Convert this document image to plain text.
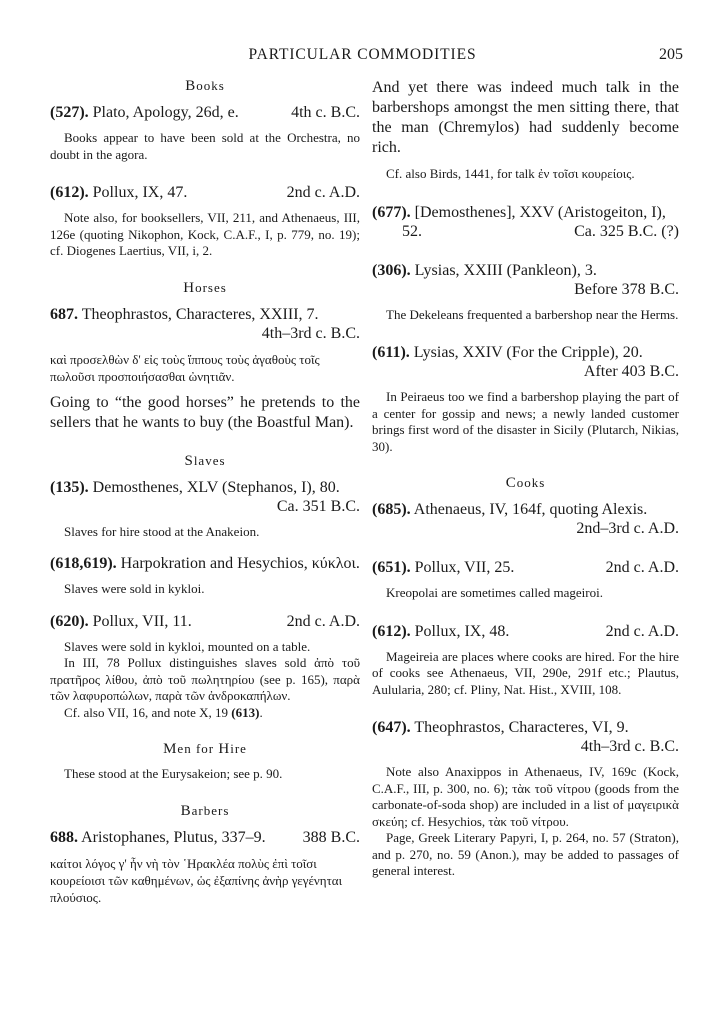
PARTICULAR COMMODITIES	205

Books

(527). Plato, Apology, 26d, e.	4th c. B.C.

Books appear to have been sold at the Orchestra, no doubt in the agora.

(612). Pollux, IX, 47.	2nd c. A.D.

Note also, for booksellers, VII, 211, and Athenaeus, III, 126e (quoting Nikophon, Kock, C.A.F., I, p. 779, no. 19); cf. Diogenes Laertius, VII, i, 2.

Horses

687. Theophrastos, Characteres, XXIII, 7.
4th–3rd c. B.C.

καὶ προσελθὼν δ' εἰς τοὺς ἵππους τοὺς ἀγαθοὺς τοῖς πωλοῦσι προσποιήσασθαι ὠνητιᾶν.

Going to “the good horses” he pretends to the sellers that he wants to buy (the Boastful Man).

Slaves

(135). Demosthenes, XLV (Stephanos, I), 80.
Ca. 351 B.C.

Slaves for hire stood at the Anakeion.

(618,619). Harpokration and Hesychios, κύκλοι.

Slaves were sold in kykloi.

(620). Pollux, VII, 11.	2nd c. A.D.

Slaves were sold in kykloi, mounted on a table.

In III, 78 Pollux distinguishes slaves sold ἀπὸ τοῦ πρατῆρος λίθου, ἀπὸ τοῦ πωλητηρίου (see p. 165), παρὰ τῶν λαφυροπώλων, παρὰ τῶν ἀνδροκαπήλων.

Cf. also VII, 16, and note X, 19 (613).

Men for Hire

These stood at the Eurysakeion; see p. 90.

Barbers

688. Aristophanes, Plutus, 337–9. 388 B.C.

καίτοι λόγος γ' ἦν νὴ τὸν ῾Ηρακλέα πολὺς ἐπὶ τοῖσι κουρείοισι τῶν καθημένων, ὡς ἐξαπίνης ἀνὴρ γεγένηται πλούσιος.

And yet there was indeed much talk in the barbershops amongst the men sitting there, that the man (Chremylos) had suddenly become rich.

Cf. also Birds, 1441, for talk ἐν τοῖσι κουρείοις.

(677). [Demosthenes], XXV (Aristogeiton, I),
52.	Ca. 325 B.C. (?)
(306). Lysias, XXIII (Pankleon), 3.
Before 378 B.C.

The Dekeleans frequented a barbershop near the Herms.

(611). Lysias, XXIV (For the Cripple), 20.
After 403 B.C.

In Peiraeus too we find a barbershop playing the part of a center for gossip and news; a newly landed customer brings first word of the disaster in Sicily (Plutarch, Nikias, 30).

Cooks

(685). Athenaeus, IV, 164f, quoting Alexis.
2nd–3rd c. A.D.
(651). Pollux, VII, 25.	2nd c. A.D.

Kreopolai are sometimes called mageiroi.

(612). Pollux, IX, 48.	2nd c. A.D.

Mageireia are places where cooks are hired. For the hire of cooks see Athenaeus, VII, 290e, 291f etc.; Plautus, Aulularia, 280; cf. Pliny, Nat. Hist., XVIII, 108.

(647). Theophrastos, Characteres, VI, 9.
4th–3rd c. B.C.

Note also Anaxippos in Athenaeus, IV, 169c (Kock, C.A.F., III, p. 300, no. 6); τὰκ τοῦ νίτρου (goods from the carbonate-of-soda shop) are included in a list of μαγειρικὰ σκεύη; cf. Hesychios, τὰκ τοῦ νίτρου.

Page, Greek Literary Papyri, I, p. 264, no. 57 (Straton), and p. 270, no. 59 (Anon.), may be added to passages of general interest.
